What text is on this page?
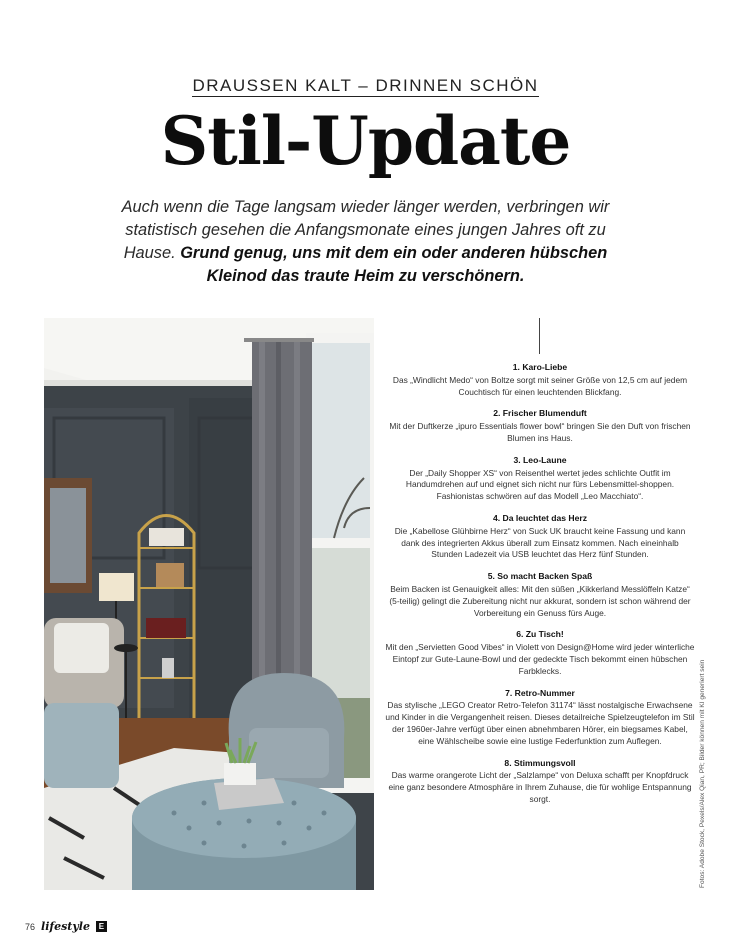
DRAUSSEN KALT – DRINNEN SCHÖN
Stil-Update
Auch wenn die Tage langsam wieder länger werden, verbringen wir statistisch gesehen die Anfangsmonate eines jungen Jahres oft zu Hause. Grund genug, uns mit dem ein oder anderen hübschen Kleinod das traute Heim zu verschönern.
1. Karo-Liebe

Das „Windlicht Medo“ von Boltze sorgt mit seiner Größe von 12,5 cm auf jedem Couchtisch für einen leuchtenden Blickfang.

2. Frischer Blumenduft

Mit der Duftkerze „ipuro Essentials flower bowl“ bringen Sie den Duft von frischen Blumen ins Haus.

3. Leo-Laune

Der „Daily Shopper XS“ von Reisenthel wertet jedes schlichte Outfit im Handumdrehen auf und eignet sich nicht nur fürs Lebensmittel-shoppen. Fashionistas schwören auf das Modell „Leo Macchiato“.

4. Da leuchtet das Herz

Die „Kabellose Glühbirne Herz“ von Suck UK braucht keine Fassung und kann dank des integrierten Akkus überall zum Einsatz kommen. Nach eineinhalb Stunden Ladezeit via USB leuchtet das Herz fünf Stunden.

5. So macht Backen Spaß

Beim Backen ist Genauigkeit alles: Mit den süßen „Kikkerland Messlöffeln Katze“ (5-teilig) gelingt die Zubereitung nicht nur akkurat, sondern ist schon während der Vorbereitung ein Genuss fürs Auge.

6. Zu Tisch!

Mit den „Servietten Good Vibes“ in Violett von Design@Home wird jeder winterliche Eintopf zur Gute-Laune-Bowl und der gedeckte Tisch bekommt einen hübschen Farbklecks.

7. Retro-Nummer

Das stylische „LEGO Creator Retro-Telefon 31174“ lässt nostalgische Erwachsene und Kinder in die Vergangenheit reisen. Dieses detailreiche Spielzeugtelefon im Stil der 1960er-Jahre verfügt über einen abnehmbaren Hörer, ein biegsames Kabel, eine Wählscheibe sowie eine lustige Federfunktion zum Auflegen.

8. Stimmungsvoll

Das warme orangerote Licht der „Salzlampe“ von Deluxa schafft per Knopfdruck eine ganz besondere Atmosphäre in Ihrem Zuhause, die für wohlige Entspannung sorgt.	Fotos: Adobe Stock, Pexels/Alex Qian, PR; Bilder können mit KI generiert sein
76 lifestyle	E
